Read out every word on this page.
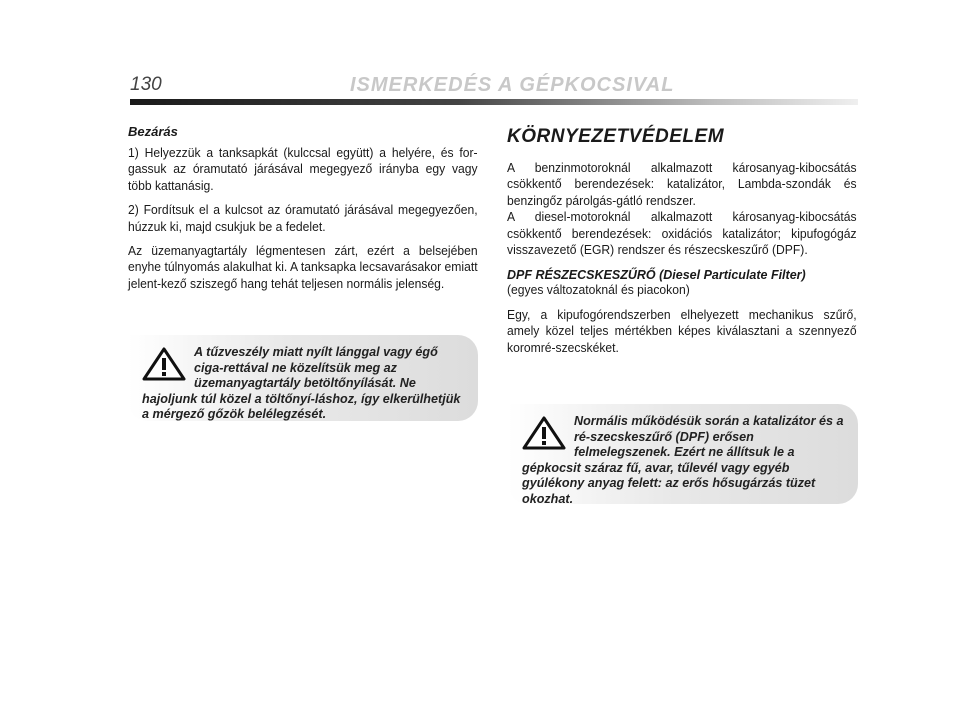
130	ISMERKEDÉS A GÉPKOCSIVAL
Bezárás

1) Helyezzük a tanksapkát (kulccsal együtt) a helyére, és for-gassuk az óramutató járásával megegyező irányba egy vagy több kattanásig.

2) Fordítsuk el a kulcsot az óramutató járásával megegyezően, húzzuk ki, majd csukjuk be a fedelet.

Az üzemanyagtartály légmentesen zárt, ezért a belsejében enyhe túlnyomás alakulhat ki. A tanksapka lecsavarásakor emiatt jelent-kező sziszegő hang tehát teljesen normális jelenség.

A tűzveszély miatt nyílt lánggal vagy égő ciga-rettával ne közelítsük meg az üzemanyagtartály betöltőnyílását. Ne hajoljunk túl közel a töltőnyí-láshoz, így elkerülhetjük a mérgező gőzök belélegzését.

KÖRNYEZETVÉDELEM

A benzinmotoroknál alkalmazott károsanyag-kibocsátás csökkentő berendezések: katalizátor, Lambda-szondák és benzingőz párolgás-gátló rendszer.

A diesel-motoroknál alkalmazott károsanyag-kibocsátás csökkentő berendezések: oxidációs katalizátor; kipufogógáz visszavezető (EGR) rendszer és részecskeszűrő (DPF).

DPF RÉSZECSKESZŰRŐ (Diesel Particulate Filter)

(egyes változatoknál és piacokon)

Egy, a kipufogórendszerben elhelyezett mechanikus szűrő, amely közel teljes mértékben képes kiválasztani a szennyező koromré-szecskéket.

Normális működésük során a katalizátor és a ré-szecskeszűrő (DPF) erősen felmelegszenek. Ezért ne állítsuk le a gépkocsit száraz fű, avar, tűlevél vagy egyéb gyúlékony anyag felett: az erős hősugárzás tüzet okozhat.
